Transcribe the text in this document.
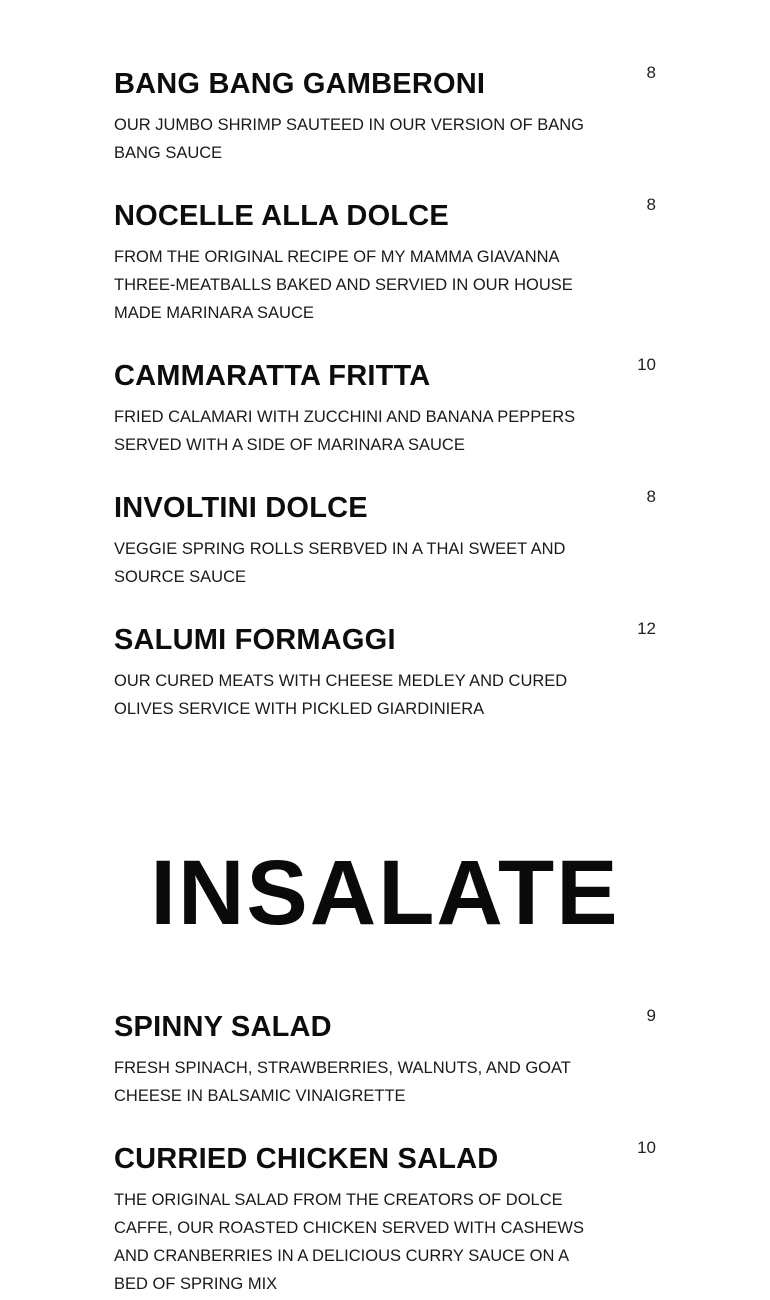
BANG BANG GAMBERONI	8
OUR JUMBO SHRIMP SAUTEED IN OUR VERSION OF BANG BANG SAUCE
NOCELLE ALLA DOLCE	8
FROM THE ORIGINAL RECIPE OF MY MAMMA GIAVANNA THREE-MEATBALLS BAKED AND SERVIED IN OUR HOUSE MADE MARINARA SAUCE
CAMMARATTA FRITTA	10
FRIED CALAMARI WITH ZUCCHINI AND BANANA PEPPERS SERVED WITH A SIDE OF MARINARA SAUCE
INVOLTINI DOLCE	8
VEGGIE SPRING ROLLS SERBVED IN A THAI SWEET AND SOURCE SAUCE
SALUMI FORMAGGI	12
OUR CURED MEATS WITH CHEESE MEDLEY AND CURED OLIVES SERVICE WITH PICKLED GIARDINIERA
INSALATE
SPINNY SALAD	9
FRESH SPINACH, STRAWBERRIES, WALNUTS, AND GOAT CHEESE IN BALSAMIC VINAIGRETTE
CURRIED CHICKEN SALAD	10
THE ORIGINAL SALAD FROM THE CREATORS OF DOLCE CAFFE, OUR ROASTED CHICKEN SERVED WITH CASHEWS AND CRANBERRIES IN A DELICIOUS CURRY SAUCE ON A BED OF SPRING MIX
